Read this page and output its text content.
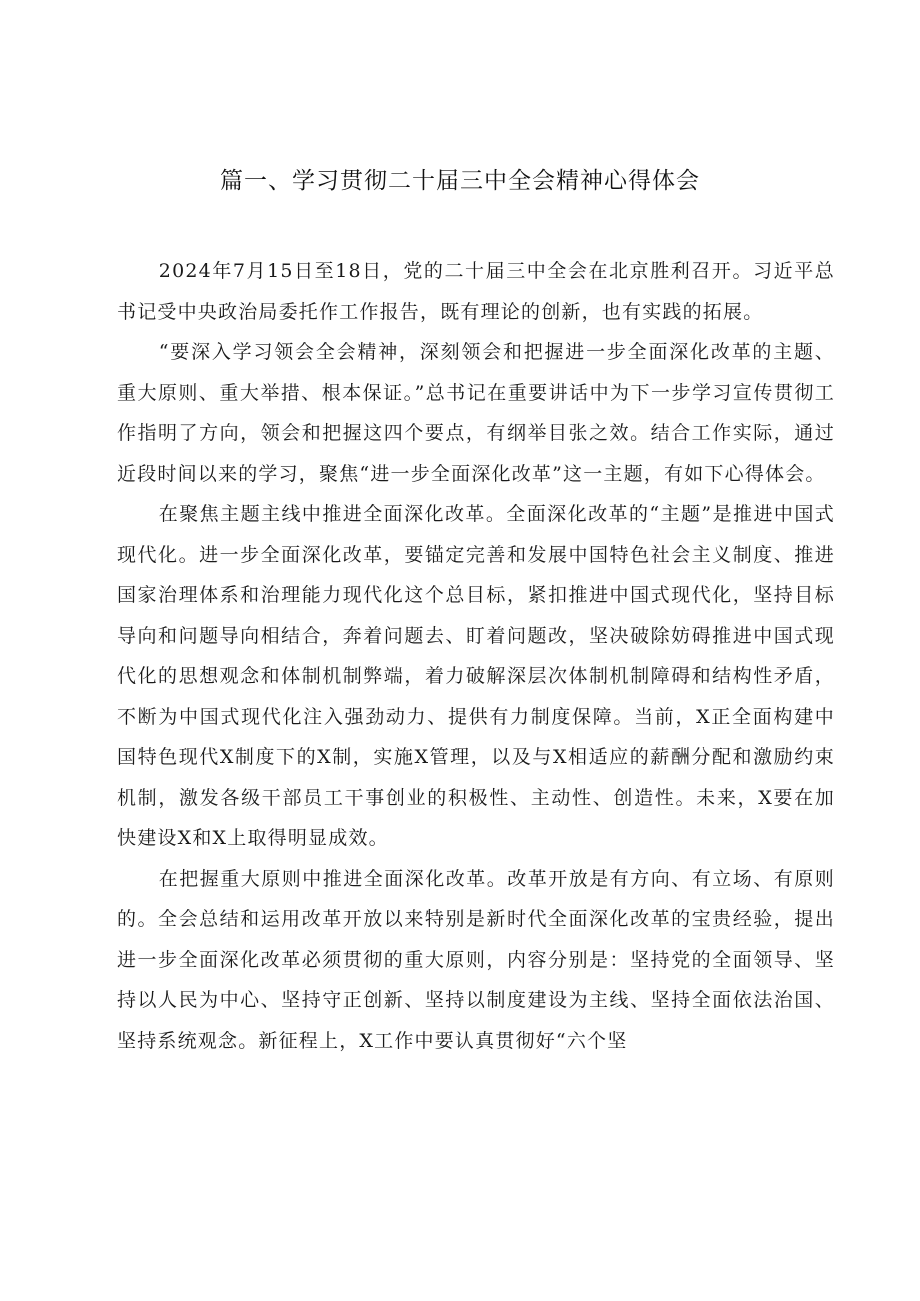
篇一、学习贯彻二十届三中全会精神心得体会

2024年7月15日至18日，党的二十届三中全会在北京胜利召开。习近平总书记受中央政治局委托作工作报告，既有理论的创新，也有实践的拓展。

“要深入学习领会全会精神，深刻领会和把握进一步全面深化改革的主题、重大原则、重大举措、根本保证。”总书记在重要讲话中为下一步学习宣传贯彻工作指明了方向，领会和把握这四个要点，有纲举目张之效。结合工作实际，通过近段时间以来的学习，聚焦“进一步全面深化改革”这一主题，有如下心得体会。

在聚焦主题主线中推进全面深化改革。全面深化改革的“主题”是推进中国式现代化。进一步全面深化改革，要锚定完善和发展中国特色社会主义制度、推进国家治理体系和治理能力现代化这个总目标，紧扣推进中国式现代化，坚持目标导向和问题导向相结合，奔着问题去、盯着问题改，坚决破除妨碍推进中国式现代化的思想观念和体制机制弊端，着力破解深层次体制机制障碍和结构性矛盾，不断为中国式现代化注入强劲动力、提供有力制度保障。当前，X正全面构建中国特色现代X制度下的X制，实施X管理，以及与X相适应的薪酬分配和激励约束机制，激发各级干部员工干事创业的积极性、主动性、创造性。未来，X要在加快建设X和X上取得明显成效。

在把握重大原则中推进全面深化改革。改革开放是有方向、有立场、有原则的。全会总结和运用改革开放以来特别是新时代全面深化改革的宝贵经验，提出进一步全面深化改革必须贯彻的重大原则，内容分别是：坚持党的全面领导、坚持以人民为中心、坚持守正创新、坚持以制度建设为主线、坚持全面依法治国、坚持系统观念。新征程上，X工作中要认真贯彻好“六个坚
